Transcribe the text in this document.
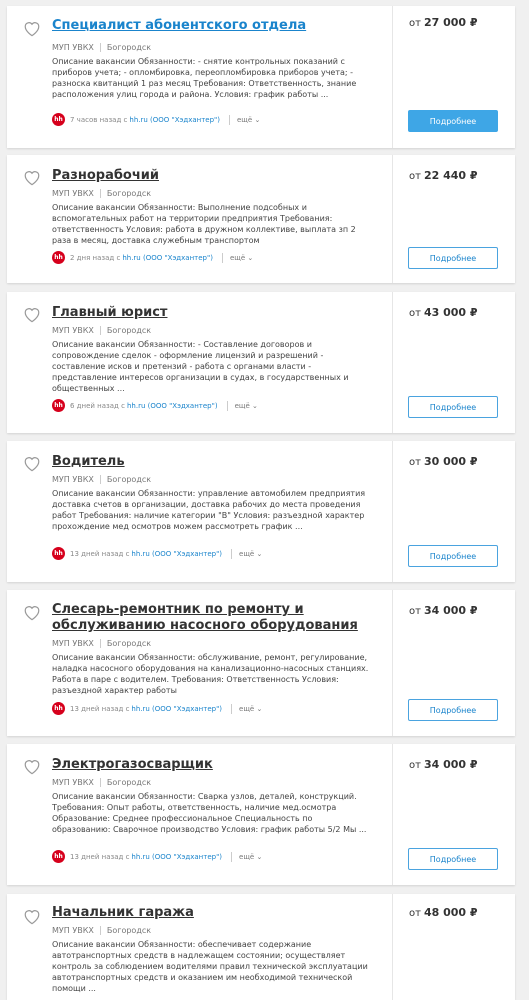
Специалист абонентского отдела
МУП УВКХ Богородск
Описание вакансии Обязанности: - снятие контрольных показаний с приборов учета; - опломбировка, переопломбировка приборов учета; - разноска квитанций 1 раз месяц Требования: Ответственность, знание расположения улиц города и района. Условия: график работы ...
hh	7 часов назад с hh.ru (ООО "Хэдхантер") ещё ⌄
от 27 000 ₽
Подробнее
Разнорабочий
МУП УВКХ Богородск
Описание вакансии Обязанности: Выполнение подсобных и вспомогательных работ на территории предприятия Требования: ответственность Условия: работа в дружном коллективе, выплата зп 2 раза в месяц, доставка служебным транспортом
hh	2 дня назад с hh.ru (ООО "Хэдхантер") ещё ⌄
от 22 440 ₽
Подробнее
Главный юрист
МУП УВКХ Богородск
Описание вакансии Обязанности: - Составление договоров и сопровождение сделок - оформление лицензий и разрешений - составление исков и претензий - работа с органами власти - представление интересов организации в судах, в государственных и общественных ...
hh	6 дней назад с hh.ru (ООО "Хэдхантер") ещё ⌄
от 43 000 ₽
Подробнее
Водитель
МУП УВКХ Богородск
Описание вакансии Обязанности: управление автомобилем предприятия доставка счетов в организации, доставка рабочих до места проведения работ Требования: наличие категории "В" Условия: разъездной характер прохождение мед осмотров можем рассмотреть график ...
hh	13 дней назад с hh.ru (ООО "Хэдхантер") ещё ⌄
от 30 000 ₽
Подробнее
Слесарь-ремонтник по ремонту и обслуживанию насосного оборудования
МУП УВКХ Богородск
Описание вакансии Обязанности: обслуживание, ремонт, регулирование, наладка насосного оборудования на канализационно-насосных станциях. Работа в паре с водителем. Требования: Ответственность Условия: разъездной характер работы
hh	13 дней назад с hh.ru (ООО "Хэдхантер") ещё ⌄
от 34 000 ₽
Подробнее
Электрогазосварщик
МУП УВКХ Богородск
Описание вакансии Обязанности: Сварка узлов, деталей, конструкций. Требования: Опыт работы, ответственность, наличие мед.осмотра Образование: Среднее профессиональное Специальность по образованию: Сварочное производство Условия: график работы 5/2 Мы ...
hh	13 дней назад с hh.ru (ООО "Хэдхантер") ещё ⌄
от 34 000 ₽
Подробнее
Начальник гаража
МУП УВКХ Богородск
Описание вакансии Обязанности: обеспечивает содержание автотранспортных средств в надлежащем состоянии; осуществляет контроль за соблюдением водителями правил технической эксплуатации автотранспортных средств и оказанием им необходимой технической помощи ...
от 48 000 ₽
